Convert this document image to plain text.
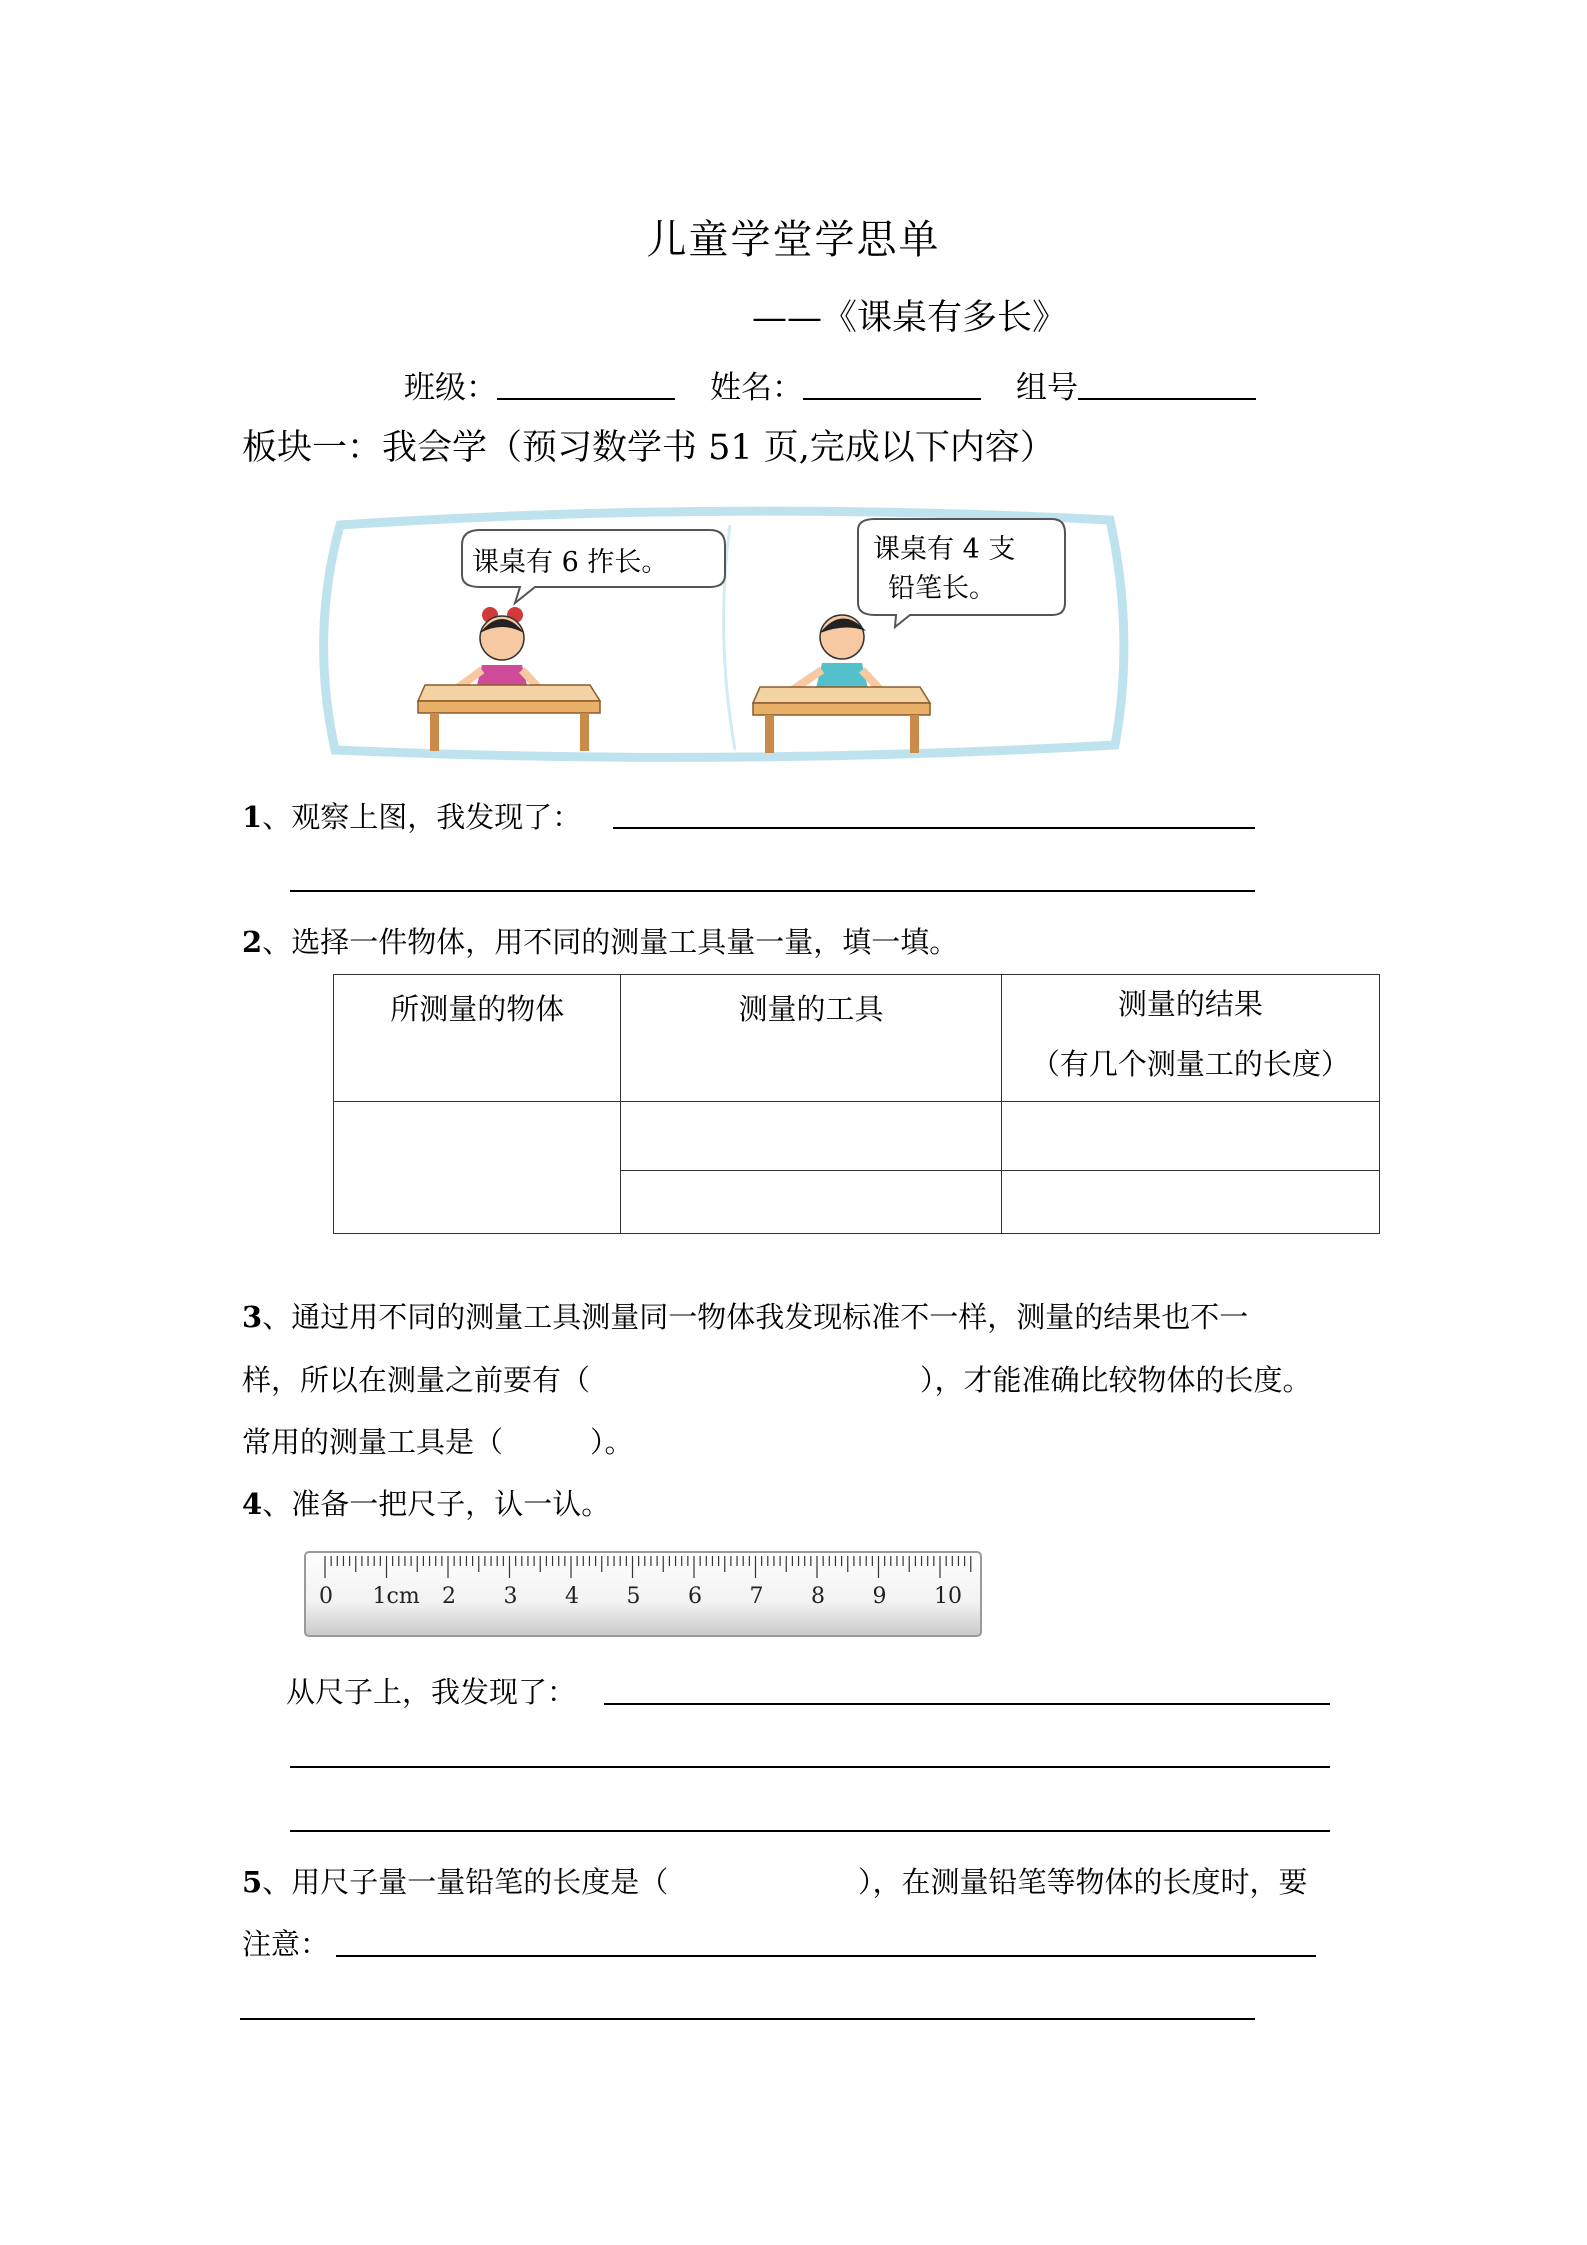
儿童学堂学思单
——《课桌有多长》
班级：	姓名：	组号
板块一：我会学（预习数学书 51 页,完成以下内容）
课桌有 6 拃长。	课桌有 4 支
铅笔长。
1、观察上图，我发现了：
2、选择一件物体，用不同的测量工具量一量，填一填。
所测量的物体	测量的工具	测量的结果
（有几个测量工的长度）

3、通过用不同的测量工具测量同一物体我发现标准不一样，测量的结果也不一
样，所以在测量之前要有（	），才能准确比较物体的长度。
常用的测量工具是（　　　）。
4、准备一把尺子，认一认。
0 1cm 2 3 4 5 6 7 8 9 10
从尺子上，我发现了：
5、用尺子量一量铅笔的长度是（	），在测量铅笔等物体的长度时，要
注意：
